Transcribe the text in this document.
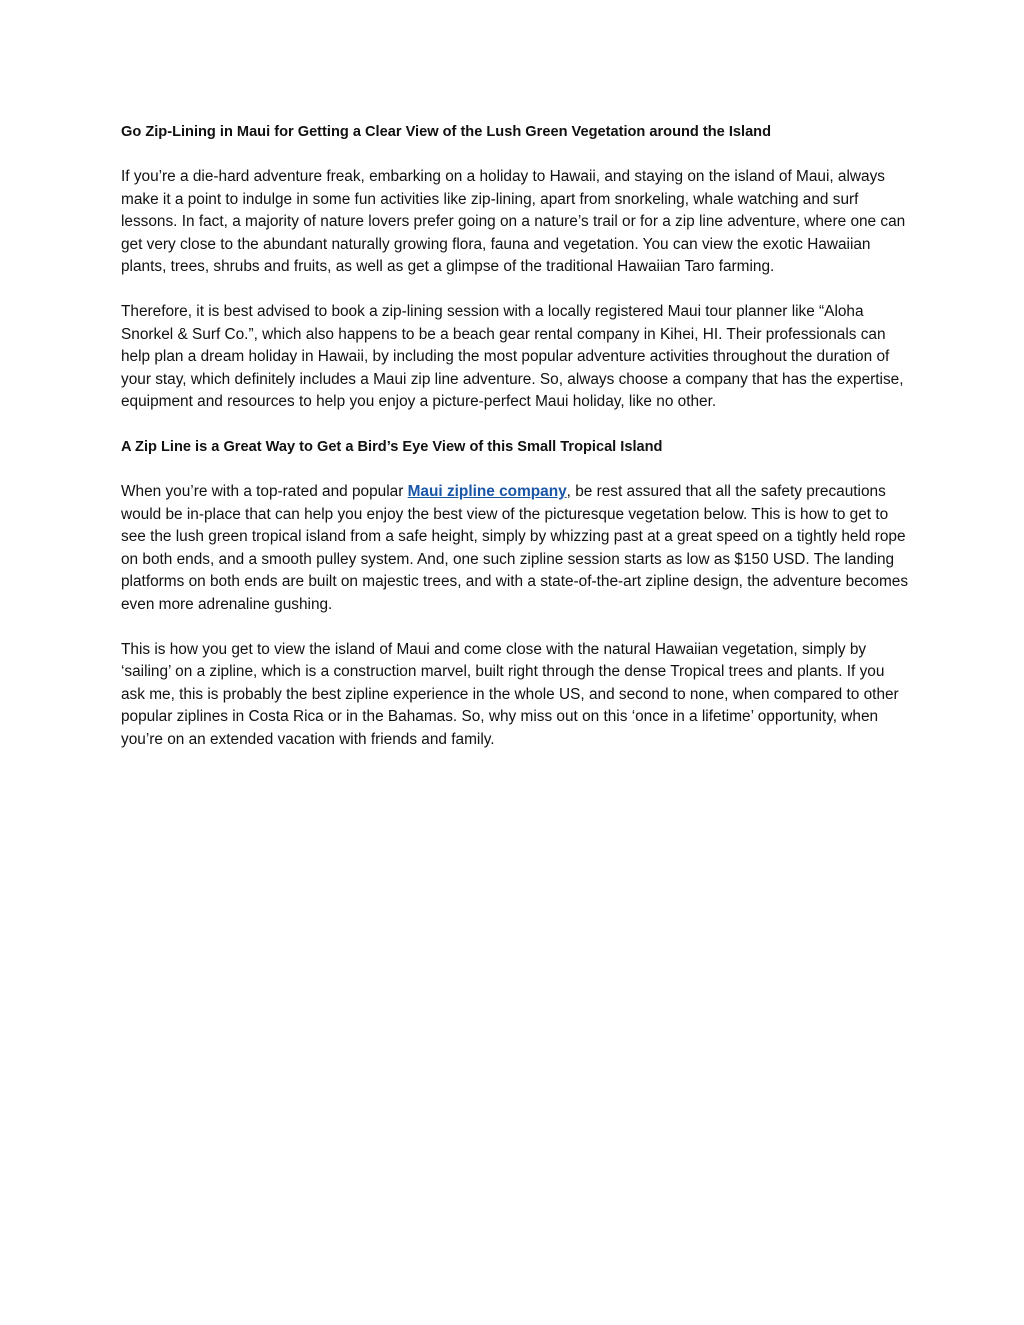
Go Zip-Lining in Maui for Getting a Clear View of the Lush Green Vegetation around the Island

If you’re a die-hard adventure freak, embarking on a holiday to Hawaii, and staying on the island of Maui, always make it a point to indulge in some fun activities like zip-lining, apart from snorkeling, whale watching and surf lessons. In fact, a majority of nature lovers prefer going on a nature’s trail or for a zip line adventure, where one can get very close to the abundant naturally growing flora, fauna and vegetation. You can view the exotic Hawaiian plants, trees, shrubs and fruits, as well as get a glimpse of the traditional Hawaiian Taro farming.

Therefore, it is best advised to book a zip-lining session with a locally registered Maui tour planner like “Aloha Snorkel & Surf Co.”, which also happens to be a beach gear rental company in Kihei, HI. Their professionals can help plan a dream holiday in Hawaii, by including the most popular adventure activities throughout the duration of your stay, which definitely includes a Maui zip line adventure. So, always choose a company that has the expertise, equipment and resources to help you enjoy a picture-perfect Maui holiday, like no other.

A Zip Line is a Great Way to Get a Bird’s Eye View of this Small Tropical Island

When you’re with a top-rated and popular Maui zipline company, be rest assured that all the safety precautions would be in-place that can help you enjoy the best view of the picturesque vegetation below. This is how to get to see the lush green tropical island from a safe height, simply by whizzing past at a great speed on a tightly held rope on both ends, and a smooth pulley system. And, one such zipline session starts as low as $150 USD. The landing platforms on both ends are built on majestic trees, and with a state-of-the-art zipline design, the adventure becomes even more adrenaline gushing.

This is how you get to view the island of Maui and come close with the natural Hawaiian vegetation, simply by ‘sailing’ on a zipline, which is a construction marvel, built right through the dense Tropical trees and plants. If you ask me, this is probably the best zipline experience in the whole US, and second to none, when compared to other popular ziplines in Costa Rica or in the Bahamas. So, why miss out on this ‘once in a lifetime’ opportunity, when you’re on an extended vacation with friends and family.
